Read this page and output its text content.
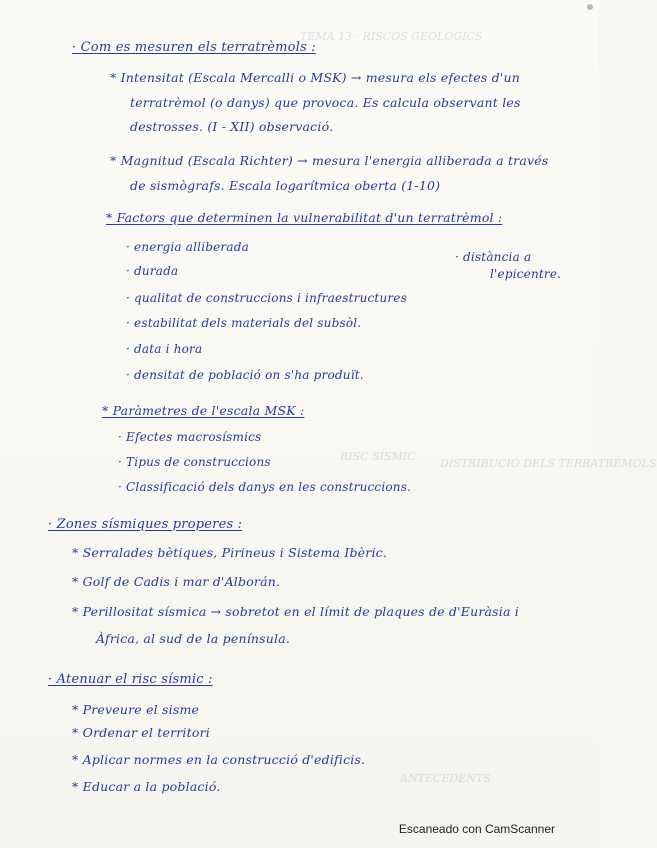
TEMA 13 · RISCOS GEOLÒGICS
RISC SÍSMIC
DISTRIBUCIÓ DELS TERRATRÈMOLS
ANTECEDENTS
· Com es mesuren els terratrèmols :
* Intensitat (Escala Mercalli o MSK) → mesura els efectes d'un
terratrèmol (o danys) que provoca. Es calcula observant les
destrosses. (I - XII) observació.
* Magnitud (Escala Richter) → mesura l'energia alliberada a través
de sismògrafs. Escala logarítmica oberta (1-10)
* Factors que determinen la vulnerabilitat d'un terratrèmol :
· energia alliberada
· durada
· qualitat de construccions i infraestructures
· estabilitat dels materials del subsòl.
· data i hora
· densitat de població on s'ha produït.
· distància a
l'epicentre.
* Paràmetres de l'escala MSK :
· Efectes macrosísmics
· Tipus de construccions
· Classificació dels danys en les construccions.
· Zones sísmiques properes :
* Serralades bètiques, Pirineus i Sistema Ibèric.
* Golf de Cadis i mar d'Alborán.
* Perillositat sísmica → sobretot en el límit de plaques de d'Euràsia i
Àfrica, al sud de la península.
· Atenuar el risc sísmic :
* Preveure el sisme
* Ordenar el territori
* Aplicar normes en la construcció d'edificis.
* Educar a la població.
Escaneado con CamScanner
